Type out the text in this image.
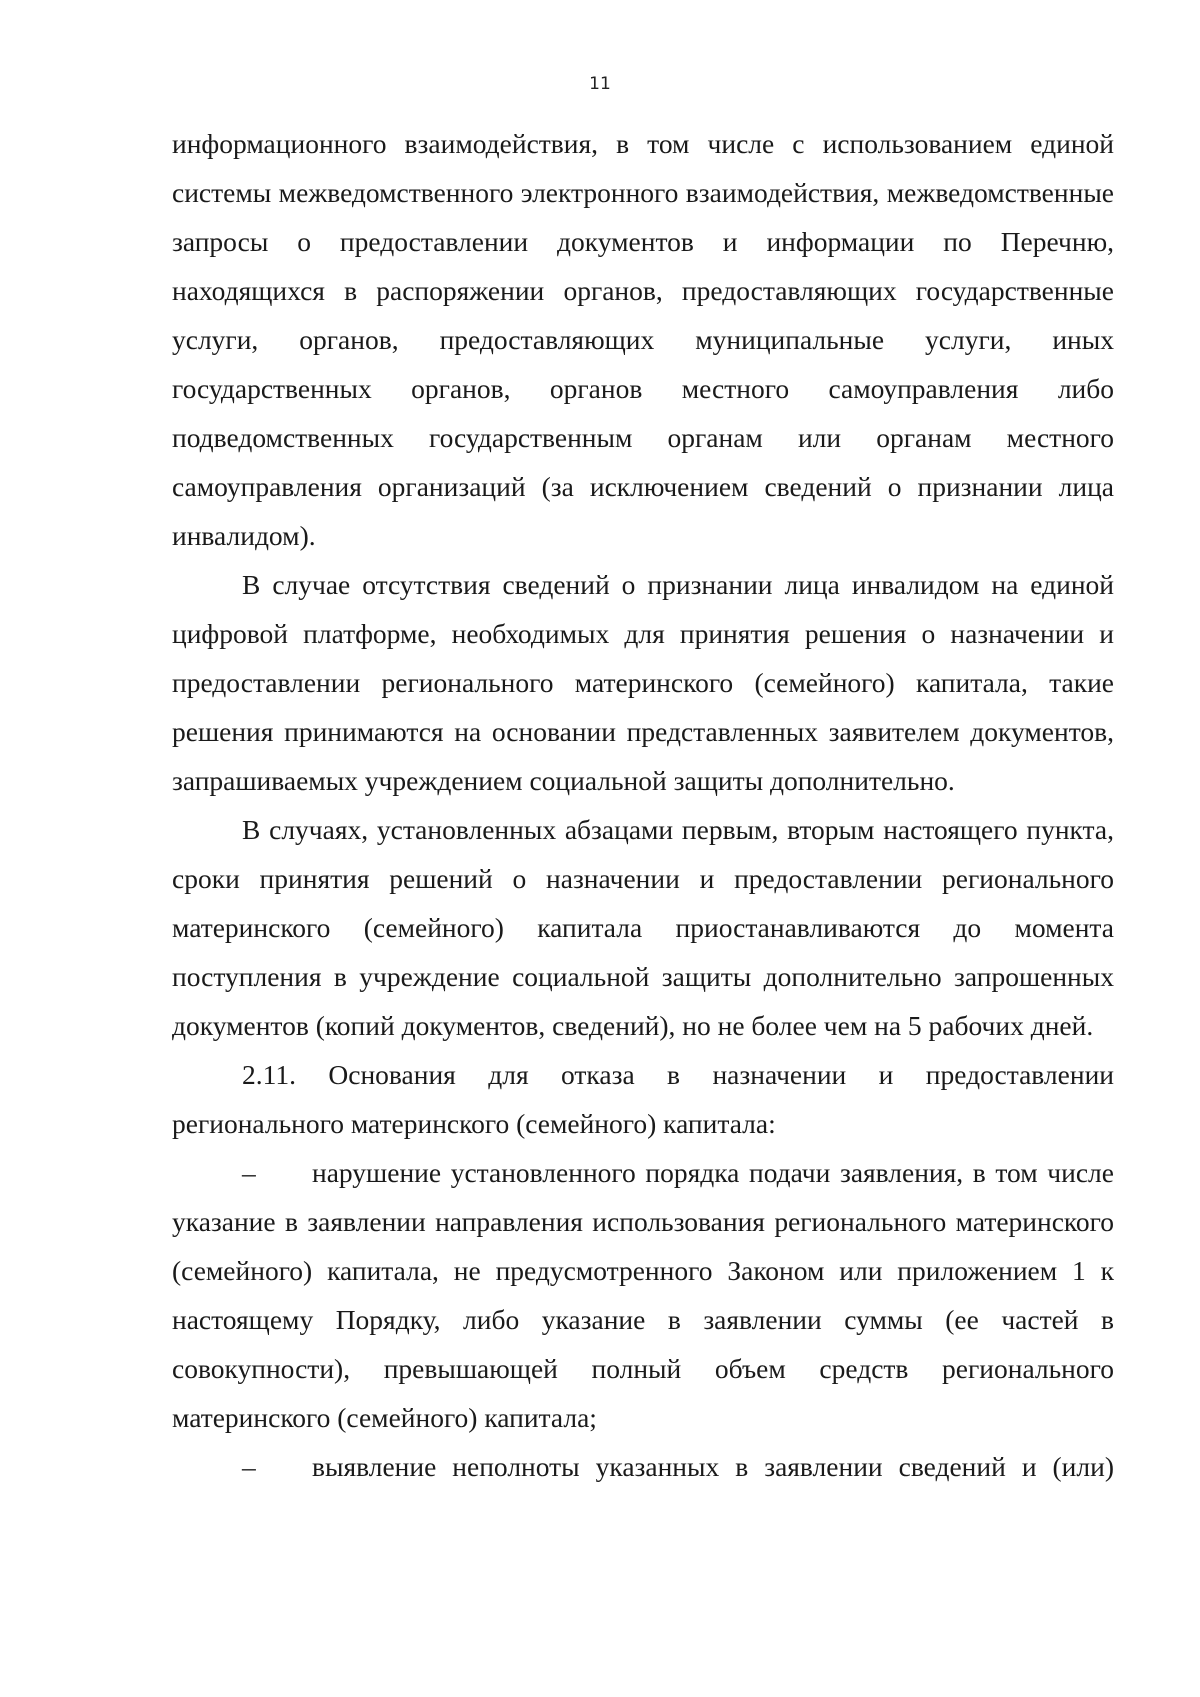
11

информационного взаимодействия, в том числе с использованием единой системы межведомственного электронного взаимодействия, межведомственные запросы о предоставлении документов и информации по Перечню, находящихся в распоряжении органов, предоставляющих государственные услуги, органов, предоставляющих муниципальные услуги, иных государственных органов, органов местного самоуправления либо подведомственных государственным органам или органам местного самоуправления организаций (за исключением сведений о признании лица инвалидом).

В случае отсутствия сведений о признании лица инвалидом на единой цифровой платформе, необходимых для принятия решения о назначении и предоставлении регионального материнского (семейного) капитала, такие решения принимаются на основании представленных заявителем документов, запрашиваемых учреждением социальной защиты дополнительно.

В случаях, установленных абзацами первым, вторым настоящего пункта, сроки принятия решений о назначении и предоставлении регионального материнского (семейного) капитала приостанавливаются до момента поступления в учреждение социальной защиты дополнительно запрошенных документов (копий документов, сведений), но не более чем на 5 рабочих дней.

2.11. Основания для отказа в назначении и предоставлении регионального материнского (семейного) капитала:

– нарушение установленного порядка подачи заявления, в том числе указание в заявлении направления использования регионального материнского (семейного) капитала, не предусмотренного Законом или приложением 1 к настоящему Порядку, либо указание в заявлении суммы (ее частей в совокупности), превышающей полный объем средств регионального материнского (семейного) капитала;

– выявление неполноты указанных в заявлении сведений и (или)
